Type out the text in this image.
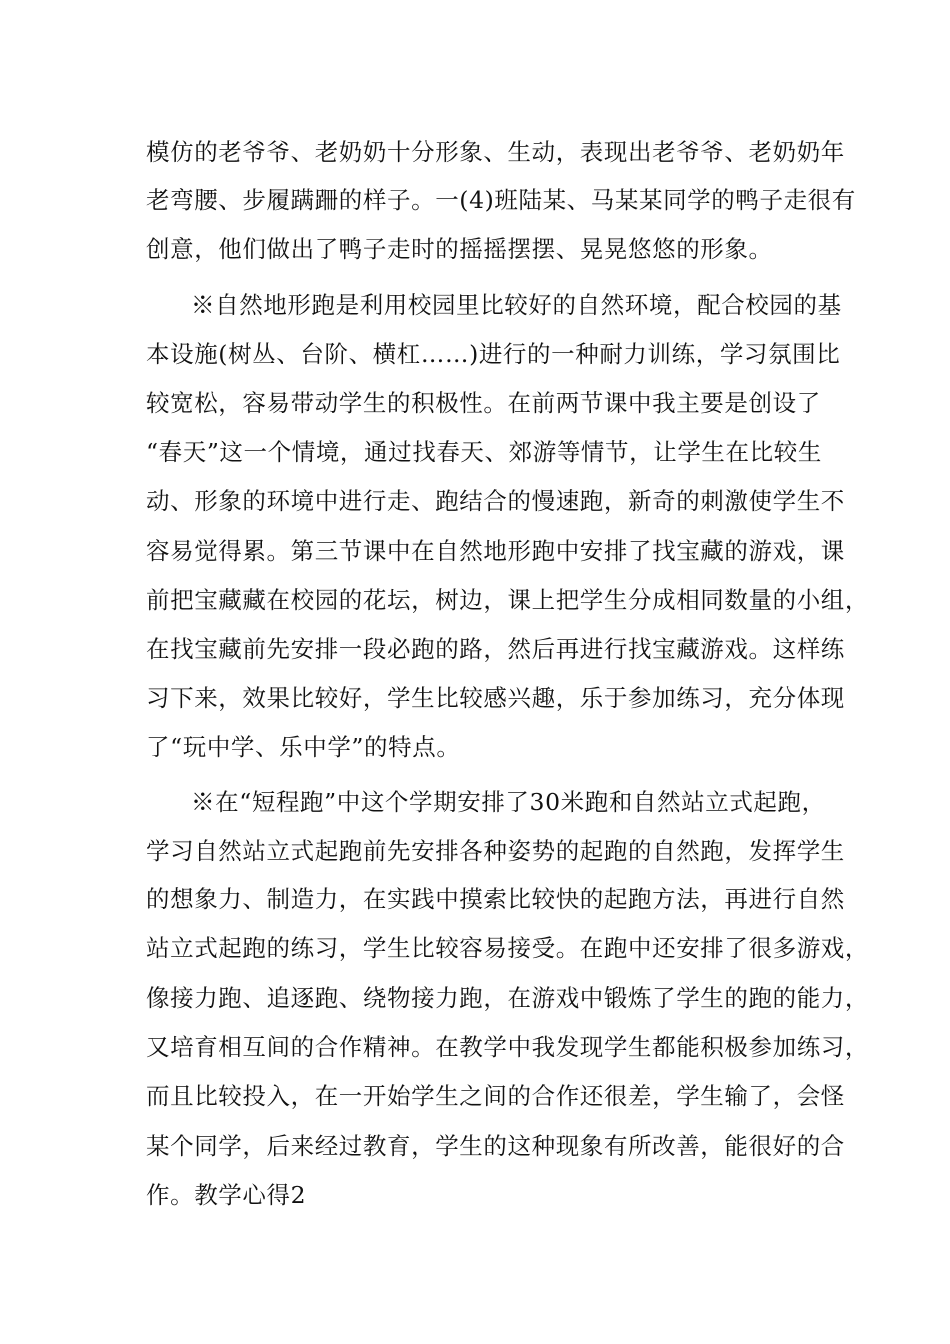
模仿的老爷爷、老奶奶十分形象、生动，表现出老爷爷、老奶奶年
老弯腰、步履蹒跚的样子。一(4)班陆某、马某某同学的鸭子走很有
创意，他们做出了鸭子走时的摇摇摆摆、晃晃悠悠的形象。
※自然地形跑是利用校园里比较好的自然环境，配合校园的基
本设施(树丛、台阶、横杠……)进行的一种耐力训练，学习氛围比
较宽松，容易带动学生的积极性。在前两节课中我主要是创设了
“春天”这一个情境，通过找春天、郊游等情节，让学生在比较生
动、形象的环境中进行走、跑结合的慢速跑，新奇的刺激使学生不
容易觉得累。第三节课中在自然地形跑中安排了找宝藏的游戏，课
前把宝藏藏在校园的花坛，树边，课上把学生分成相同数量的小组，
在找宝藏前先安排一段必跑的路，然后再进行找宝藏游戏。这样练
习下来，效果比较好，学生比较感兴趣，乐于参加练习，充分体现
了“玩中学、乐中学”的特点。
※在“短程跑”中这个学期安排了30米跑和自然站立式起跑，
学习自然站立式起跑前先安排各种姿势的起跑的自然跑，发挥学生
的想象力、制造力，在实践中摸索比较快的起跑方法，再进行自然
站立式起跑的练习，学生比较容易接受。在跑中还安排了很多游戏，
像接力跑、追逐跑、绕物接力跑，在游戏中锻炼了学生的跑的能力，
又培育相互间的合作精神。在教学中我发现学生都能积极参加练习，
而且比较投入，在一开始学生之间的合作还很差，学生输了，会怪
某个同学，后来经过教育，学生的这种现象有所改善，能很好的合
作。教学心得2
